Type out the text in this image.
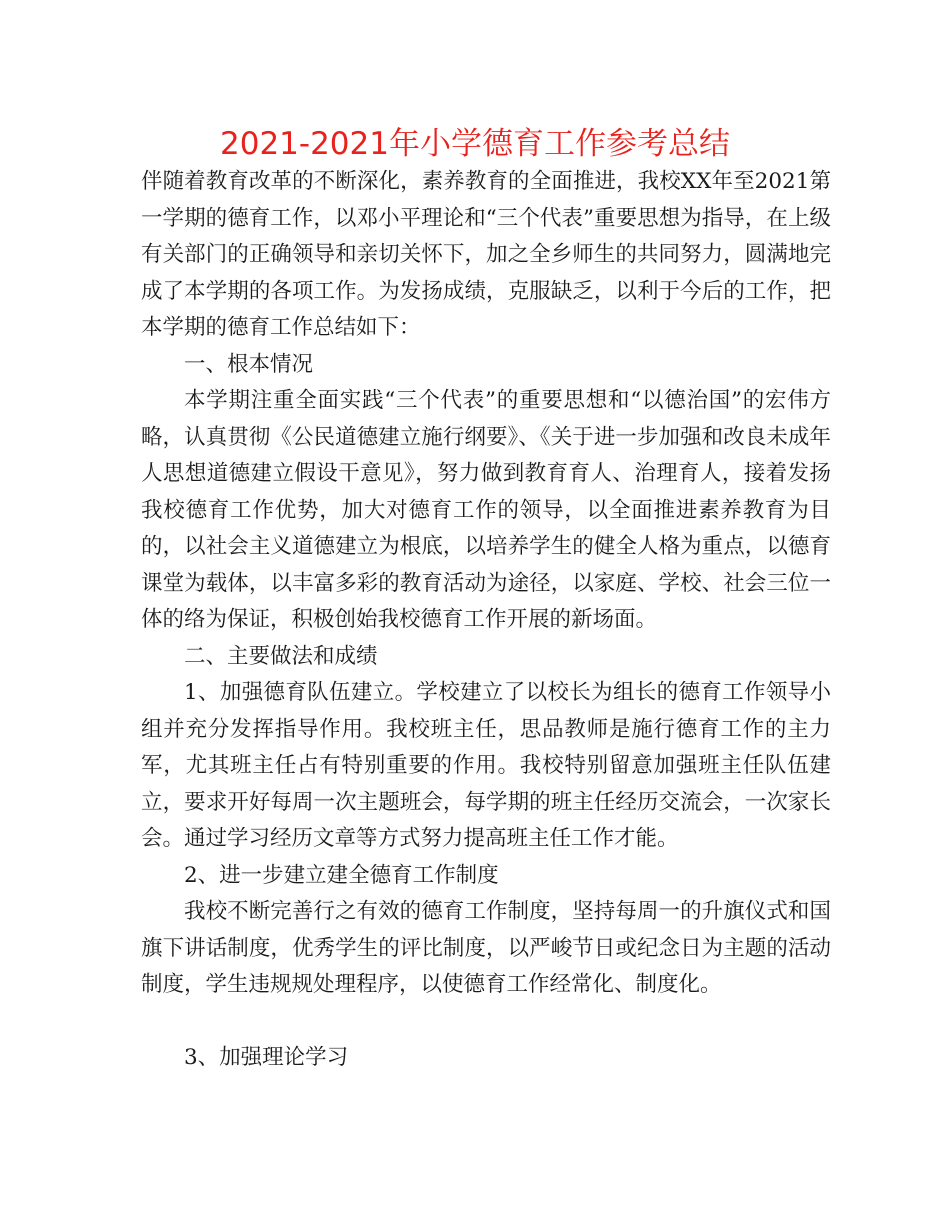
2021-2021年小学德育工作参考总结

伴随着教育改革的不断深化，素养教育的全面推进，我校XX年至2021第一学期的德育工作，以邓小平理论和“三个代表”重要思想为指导，在上级有关部门的正确领导和亲切关怀下，加之全乡师生的共同努力，圆满地完成了本学期的各项工作。为发扬成绩，克服缺乏，以利于今后的工作，把本学期的德育工作总结如下：

一、根本情况

本学期注重全面实践“三个代表”的重要思想和“以德治国”的宏伟方略，认真贯彻《公民道德建立施行纲要》、《关于进一步加强和改良未成年人思想道德建立假设干意见》，努力做到教育育人、治理育人，接着发扬我校德育工作优势，加大对德育工作的领导，以全面推进素养教育为目的，以社会主义道德建立为根底，以培养学生的健全人格为重点，以德育课堂为载体，以丰富多彩的教育活动为途径，以家庭、学校、社会三位一体的络为保证，积极创始我校德育工作开展的新场面。

二、主要做法和成绩

1、加强德育队伍建立。学校建立了以校长为组长的德育工作领导小组并充分发挥指导作用。我校班主任，思品教师是施行德育工作的主力军，尤其班主任占有特别重要的作用。我校特别留意加强班主任队伍建立，要求开好每周一次主题班会，每学期的班主任经历交流会，一次家长会。通过学习经历文章等方式努力提高班主任工作才能。

2、进一步建立建全德育工作制度

我校不断完善行之有效的德育工作制度，坚持每周一的升旗仪式和国旗下讲话制度，优秀学生的评比制度，以严峻节日或纪念日为主题的活动制度，学生违规规处理程序，以使德育工作经常化、制度化。

3、加强理论学习
